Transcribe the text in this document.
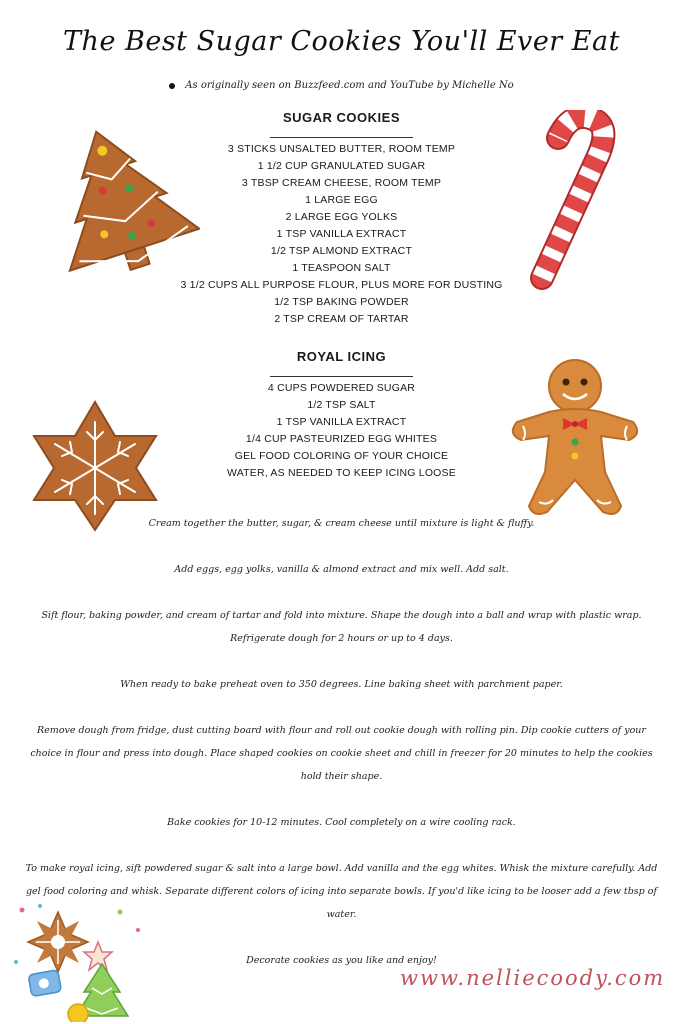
The Best Sugar Cookies You'll Ever Eat
As originally seen on Buzzfeed.com and YouTube by Michelle No
SUGAR COOKIES
3 STICKS UNSALTED BUTTER, ROOM TEMP
1 1/2 CUP GRANULATED SUGAR
3 TBSP CREAM CHEESE, ROOM TEMP
1 LARGE EGG
2 LARGE EGG YOLKS
1 TSP VANILLA EXTRACT
1/2 TSP ALMOND EXTRACT
1 TEASPOON SALT
3 1/2 CUPS ALL PURPOSE FLOUR, PLUS MORE FOR DUSTING
1/2 TSP BAKING POWDER
2 TSP CREAM OF TARTAR
ROYAL ICING
4 CUPS POWDERED SUGAR
1/2 TSP SALT
1 TSP VANILLA EXTRACT
1/4 CUP PASTEURIZED EGG WHITES
GEL FOOD COLORING OF YOUR CHOICE
WATER, AS NEEDED TO KEEP ICING LOOSE
Cream together the butter, sugar, & cream cheese until mixture is light & fluffy.
Add eggs, egg yolks, vanilla & almond extract and mix well. Add salt.
Sift flour, baking powder, and cream of tartar and fold into mixture. Shape the dough into a ball and wrap with plastic wrap. Refrigerate dough for 2 hours or up to 4 days.
When ready to bake preheat oven to 350 degrees. Line baking sheet with parchment paper.
Remove dough from fridge, dust cutting board with flour and roll out cookie dough with rolling pin. Dip cookie cutters of your choice in flour and press into dough. Place shaped cookies on cookie sheet and chill in freezer for 20 minutes to help the cookies hold their shape.
Bake cookies for 10-12 minutes. Cool completely on a wire cooling rack.
To make royal icing, sift powdered sugar & salt into a large bowl. Add vanilla and the egg whites. Whisk the mixture carefully. Add gel food coloring and whisk. Separate different colors of icing into separate bowls. If you'd like icing to be looser add a few tbsp of water.
Decorate cookies as you like and enjoy!
www.nelliecoody.com
